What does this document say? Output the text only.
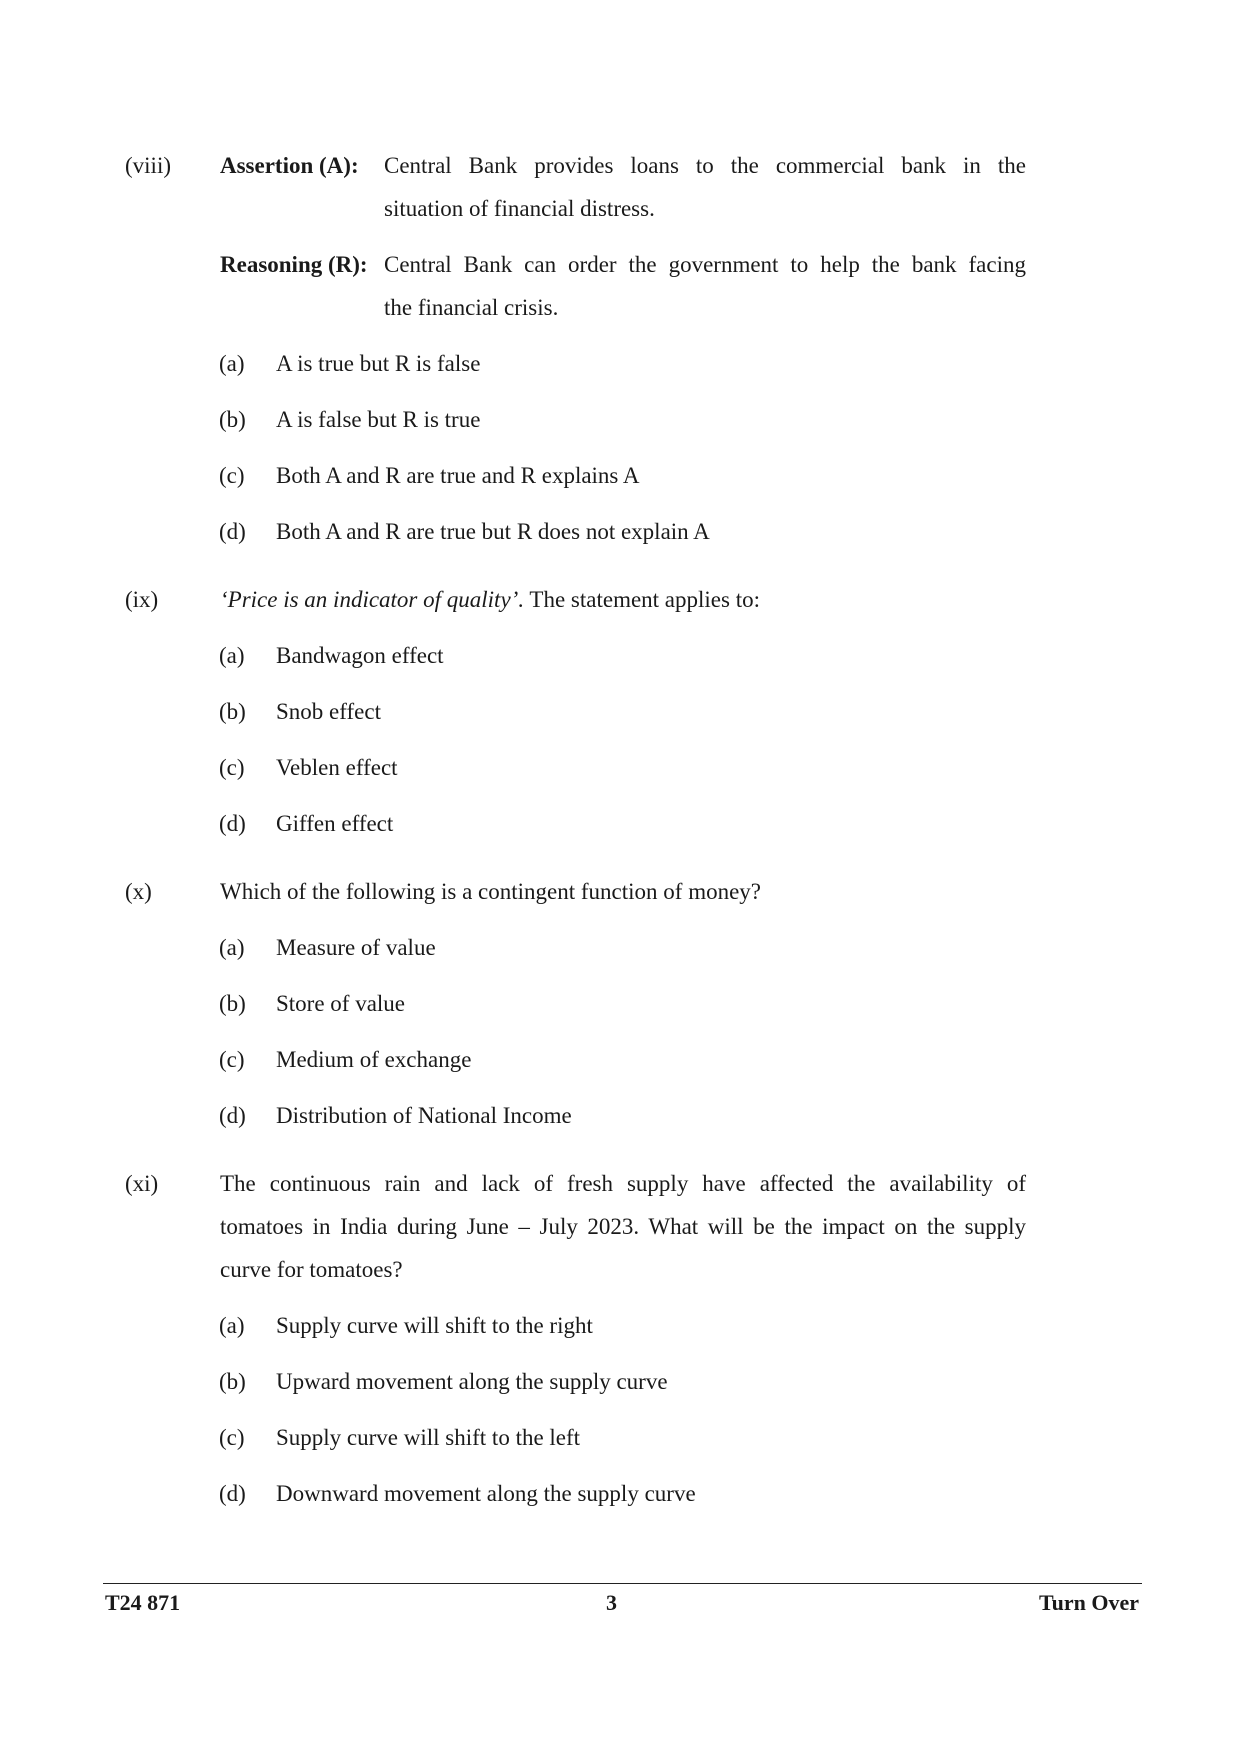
(viii) Assertion (A): Central Bank provides loans to the commercial bank in the
situation of financial distress.
Reasoning (R): Central Bank can order the government to help the bank facing
the financial crisis.
(a) A is true but R is false
(b) A is false but R is true
(c) Both A and R are true and R explains A
(d) Both A and R are true but R does not explain A
(ix)	‘Price is an indicator of quality’. The statement applies to:
(a) Bandwagon effect
(b) Snob effect
(c) Veblen effect
(d) Giffen effect
(x)	Which of the following is a contingent function of money?
(a) Measure of value
(b) Store of value
(c) Medium of exchange
(d) Distribution of National Income
(xi)	The continuous rain and lack of fresh supply have affected the availability of
tomatoes in India during June – July 2023. What will be the impact on the supply
curve for tomatoes?
(a) Supply curve will shift to the right
(b) Upward movement along the supply curve
(c) Supply curve will shift to the left
(d) Downward movement along the supply curve
T24 871	3	Turn Over
